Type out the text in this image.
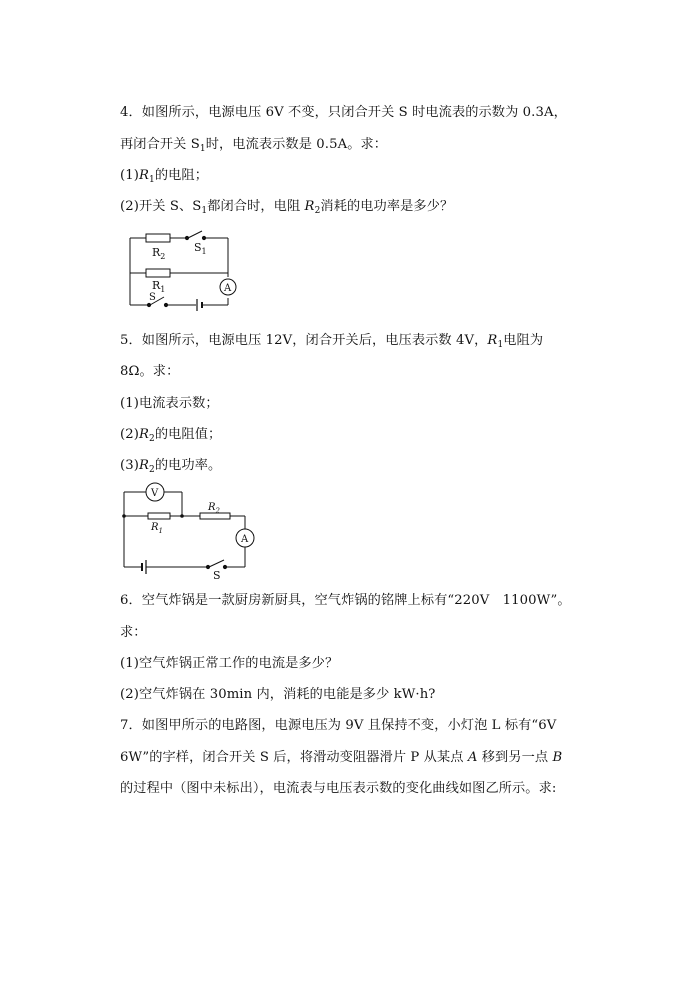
4．如图所示，电源电压 6V 不变，只闭合开关 S 时电流表的示数为 0.3A，
再闭合开关 $S_1$时，电流表示数是 0.5A。求：
$(1)R_1$的电阻；
(2)开关 S、$S_1$都闭合时，电阻 $R_2$消耗的电功率是多少？
$R_2$
$S_1$
$R_1$
S
A
5．如图所示，电源电压 12V，闭合开关后，电压表示数 4V，$R_1$电阻为
8Ω。求：
(1)电流表示数；
$(2)R_2$的电阻值；
$(3)R_2$的电功率。
V
$R_1$
$R_2$
A
S
6．空气炸锅是一款厨房新厨具，空气炸锅的铭牌上标有“220V　1100W”。
求：
(1)空气炸锅正常工作的电流是多少？
(2)空气炸锅在 30min 内，消耗的电能是多少 kW·h?
7．如图甲所示的电路图，电源电压为 9V 且保持不变，小灯泡 L 标有“6V
6W”的字样，闭合开关 S 后，将滑动变阻器滑片 P 从某点 A 移到另一点 B
的过程中（图中未标出），电流表与电压表示数的变化曲线如图乙所示。求:
